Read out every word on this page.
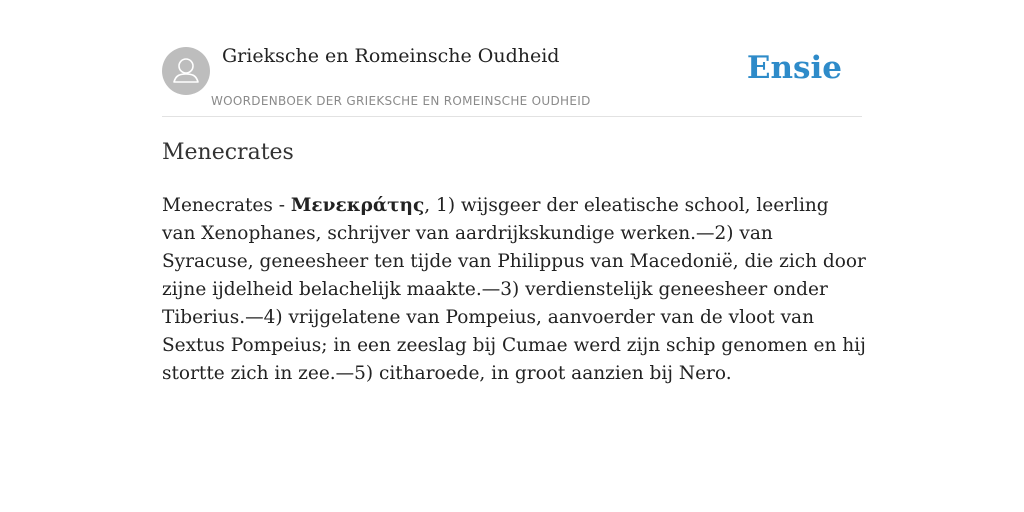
Grieksche en Romeinsche Oudheid
WOORDENBOEK DER GRIEKSCHE EN ROMEINSCHE OUDHEID
Ensie
Menecrates

Menecrates - Μενεκράτης, 1) wijsgeer der eleatische school, leerling van Xenophanes, schrijver van aardrijkskundige werken.—2) van Syracuse, geneesheer ten tijde van Philippus van Macedonië, die zich door zijne ijdelheid belachelijk maakte.—3) verdienstelijk geneesheer onder Tiberius.—4) vrijgelatene van Pompeius, aanvoerder van de vloot van Sextus Pompeius; in een zeeslag bij Cumae werd zijn schip genomen en hij stortte zich in zee.—5) citharoede, in groot aanzien bij Nero.
